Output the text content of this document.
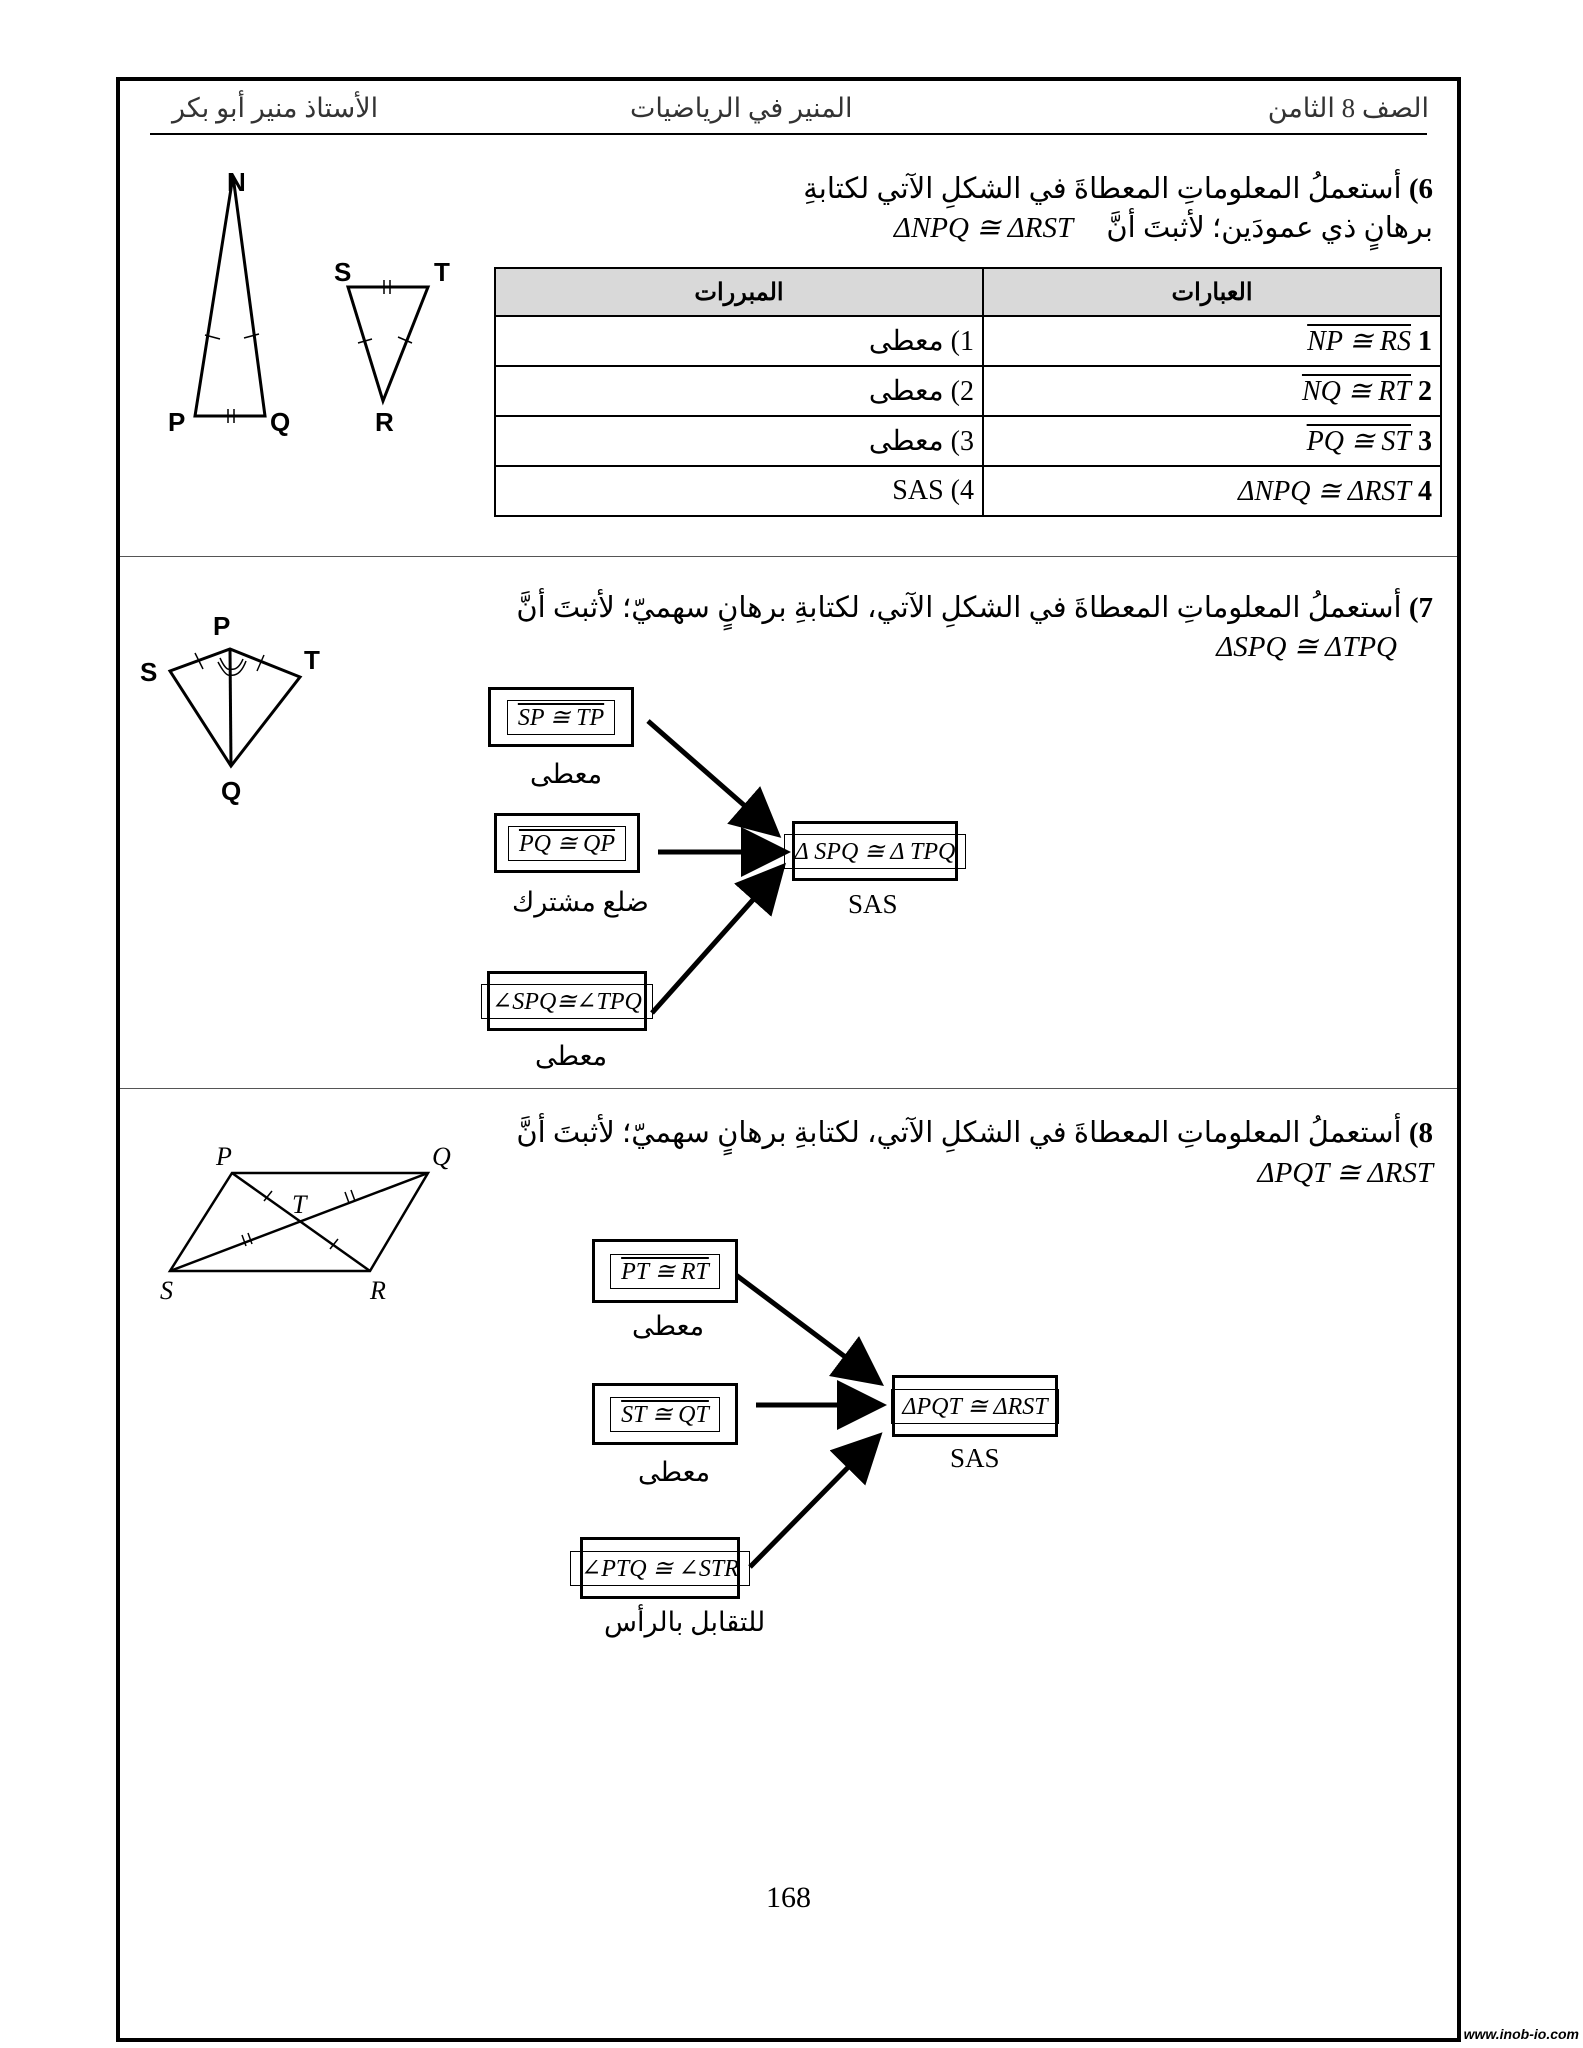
الصف 8 الثامن
المنير في الرياضيات
الأستاذ منير أبو بكر
6) أستعملُ المعلوماتِ المعطاةَ في الشكلِ الآتي لكتابةِ
برهانٍ ذي عمودَين؛ لأثبتَ أنَّ ΔNPQ ≅ ΔRST
N
P	Q
S	T
R
المبررات	العبارات
1) معطى	1 NP ≅ RS
2) معطى	2 NQ ≅ RT
3) معطى	3 PQ ≅ ST
SAS (4	4 ΔNPQ ≅ ΔRST
7) أستعملُ المعلوماتِ المعطاةَ في الشكلِ الآتي، لكتابةِ برهانٍ سهميّ؛ لأثبتَ أنَّ
ΔSPQ ≅ ΔTPQ
P
S	T
Q
SP ≅ TP
معطى
PQ ≅ QP
ضلع مشترك
∠SPQ≅∠TPQ
معطى
Δ SPQ ≅ Δ TPQ
SAS
8) أستعملُ المعلوماتِ المعطاةَ في الشكلِ الآتي، لكتابةِ برهانٍ سهميّ؛ لأثبتَ أنَّ
ΔPQT ≅ ΔRST
P	Q
T
S	R
PT ≅ RT
معطى
ST ≅ QT
معطى
∠PTQ ≅ ∠STR
للتقابل بالرأس
ΔPQT ≅ ΔRST
SAS
168
www.inob-io.com
